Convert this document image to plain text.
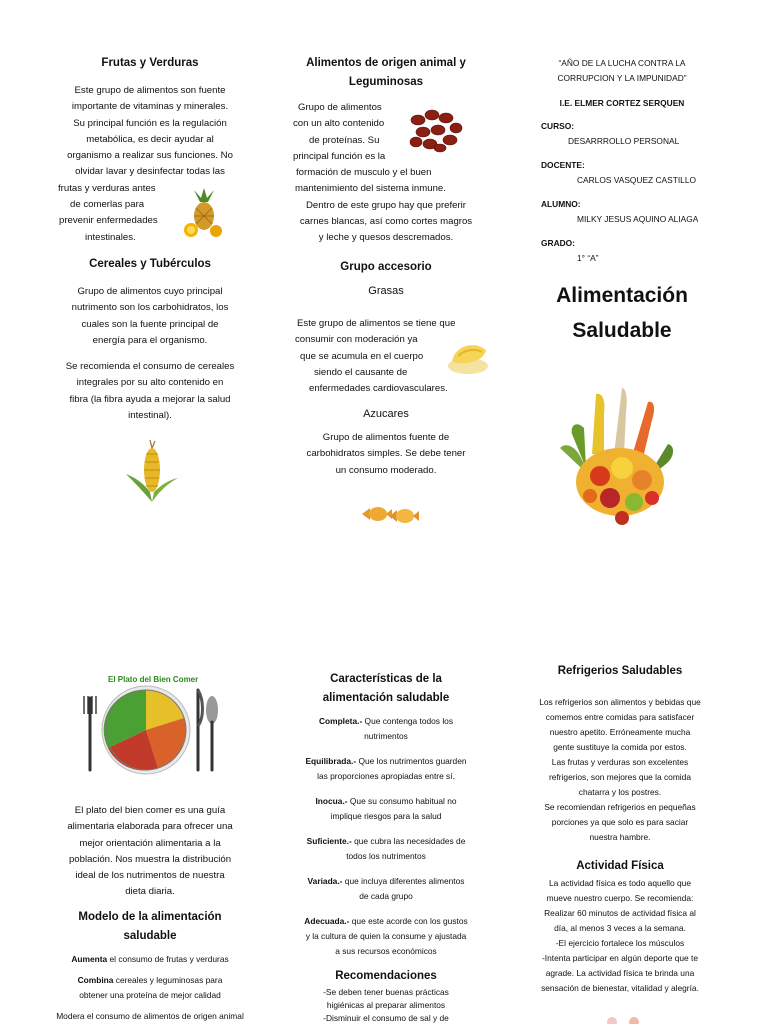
Frutas y Verduras

Este grupo de alimentos son fuente

importante de vitaminas y minerales.

Su principal función es la regulación

metabólica, es decir ayudar al

organismo a realizar sus funciones. No

olvidar lavar y desinfectar todas las

frutas y verduras antes

de comerlas para

prevenir enfermedades

intestinales.

Cereales y Tubérculos

Grupo de alimentos cuyo principal

nutrimento son los carbohidratos, los

cuales son la fuente principal de

energía para el organismo.

Se recomienda el consumo de cereales

integrales por su alto contenido en

fibra (la fibra ayuda a mejorar la salud

intestinal).

Alimentos de origen animal y
Leguminosas

Grupo de alimentos

con un alto contenido

de proteínas. Su

principal función es la

formación de musculo y el buen

mantenimiento del sistema inmune.

Dentro de este grupo hay que preferir

carnes blancas, así como cortes magros

y leche y quesos descremados.

Grupo accesorio
Grasas

Este grupo de alimentos se tiene que

consumir con moderación ya

que se acumula en el cuerpo

siendo el causante de

enfermedades cardiovasculares.

Azucares

Grupo de alimentos fuente de

carbohidratos simples. Se debe tener

un consumo moderado.

“AÑO DE LA LUCHA CONTRA LA

CORRUPCION Y LA IMPUNIDAD”

I.E. ELMER CORTEZ SERQUEN

CURSO:
DESARRROLLO PERSONAL
DOCENTE:
CARLOS VASQUEZ CASTILLO
ALUMNO:
MILKY JESUS AQUINO ALIAGA
GRADO:
1° “A”
Alimentación
Saludable
El Plato del Bien Comer

El plato del bien comer es una guía

alimentaria elaborada para ofrecer una

mejor orientación alimentaria a la

población. Nos muestra la distribución

ideal de los nutrimentos de nuestra

dieta diaria.

Modelo de la alimentación
saludable

Aumenta el consumo de frutas y verduras

Combina cereales y leguminosas para

obtener una proteína de mejor calidad

Modera el consumo de alimentos de origen animal

Características de la
alimentación saludable

Completa.- Que contenga todos los

nutrimentos

Equilibrada.- Que los nutrimentos guarden

las proporciones apropiadas entre sí.

Inocua.- Que su consumo habitual no

implique riesgos para la salud

Suficiente.- que cubra las necesidades de

todos los nutrimentos

Variada.- que incluya diferentes alimentos

de cada grupo

Adecuada.- que este acorde con los gustos

y la cultura de quien la consume y ajustada

a sus recursos económicos

Recomendaciones

-Se deben tener buenas prácticas

higiénicas al preparar alimentos

-Disminuir el consumo de sal y de

Refrigerios Saludables

Los refrigerios son alimentos y bebidas que

comemos entre comidas para satisfacer

nuestro apetito. Erróneamente mucha

gente sustituye la comida por estos.

Las frutas y verduras son excelentes

refrigerios, son mejores que la comida

chatarra y los postres.

Se recomiendan refrigerios en pequeñas

porciones ya que solo es para saciar

nuestra hambre.

Actividad Física

La actividad física es todo aquello que

mueve nuestro cuerpo. Se recomienda:

Realizar 60 minutos de actividad física al

día, al menos 3 veces a la semana.

-El ejercicio fortalece los músculos

-Intenta participar en algún deporte que te

agrade. La actividad física te brinda una

sensación de bienestar, vitalidad y alegría.
